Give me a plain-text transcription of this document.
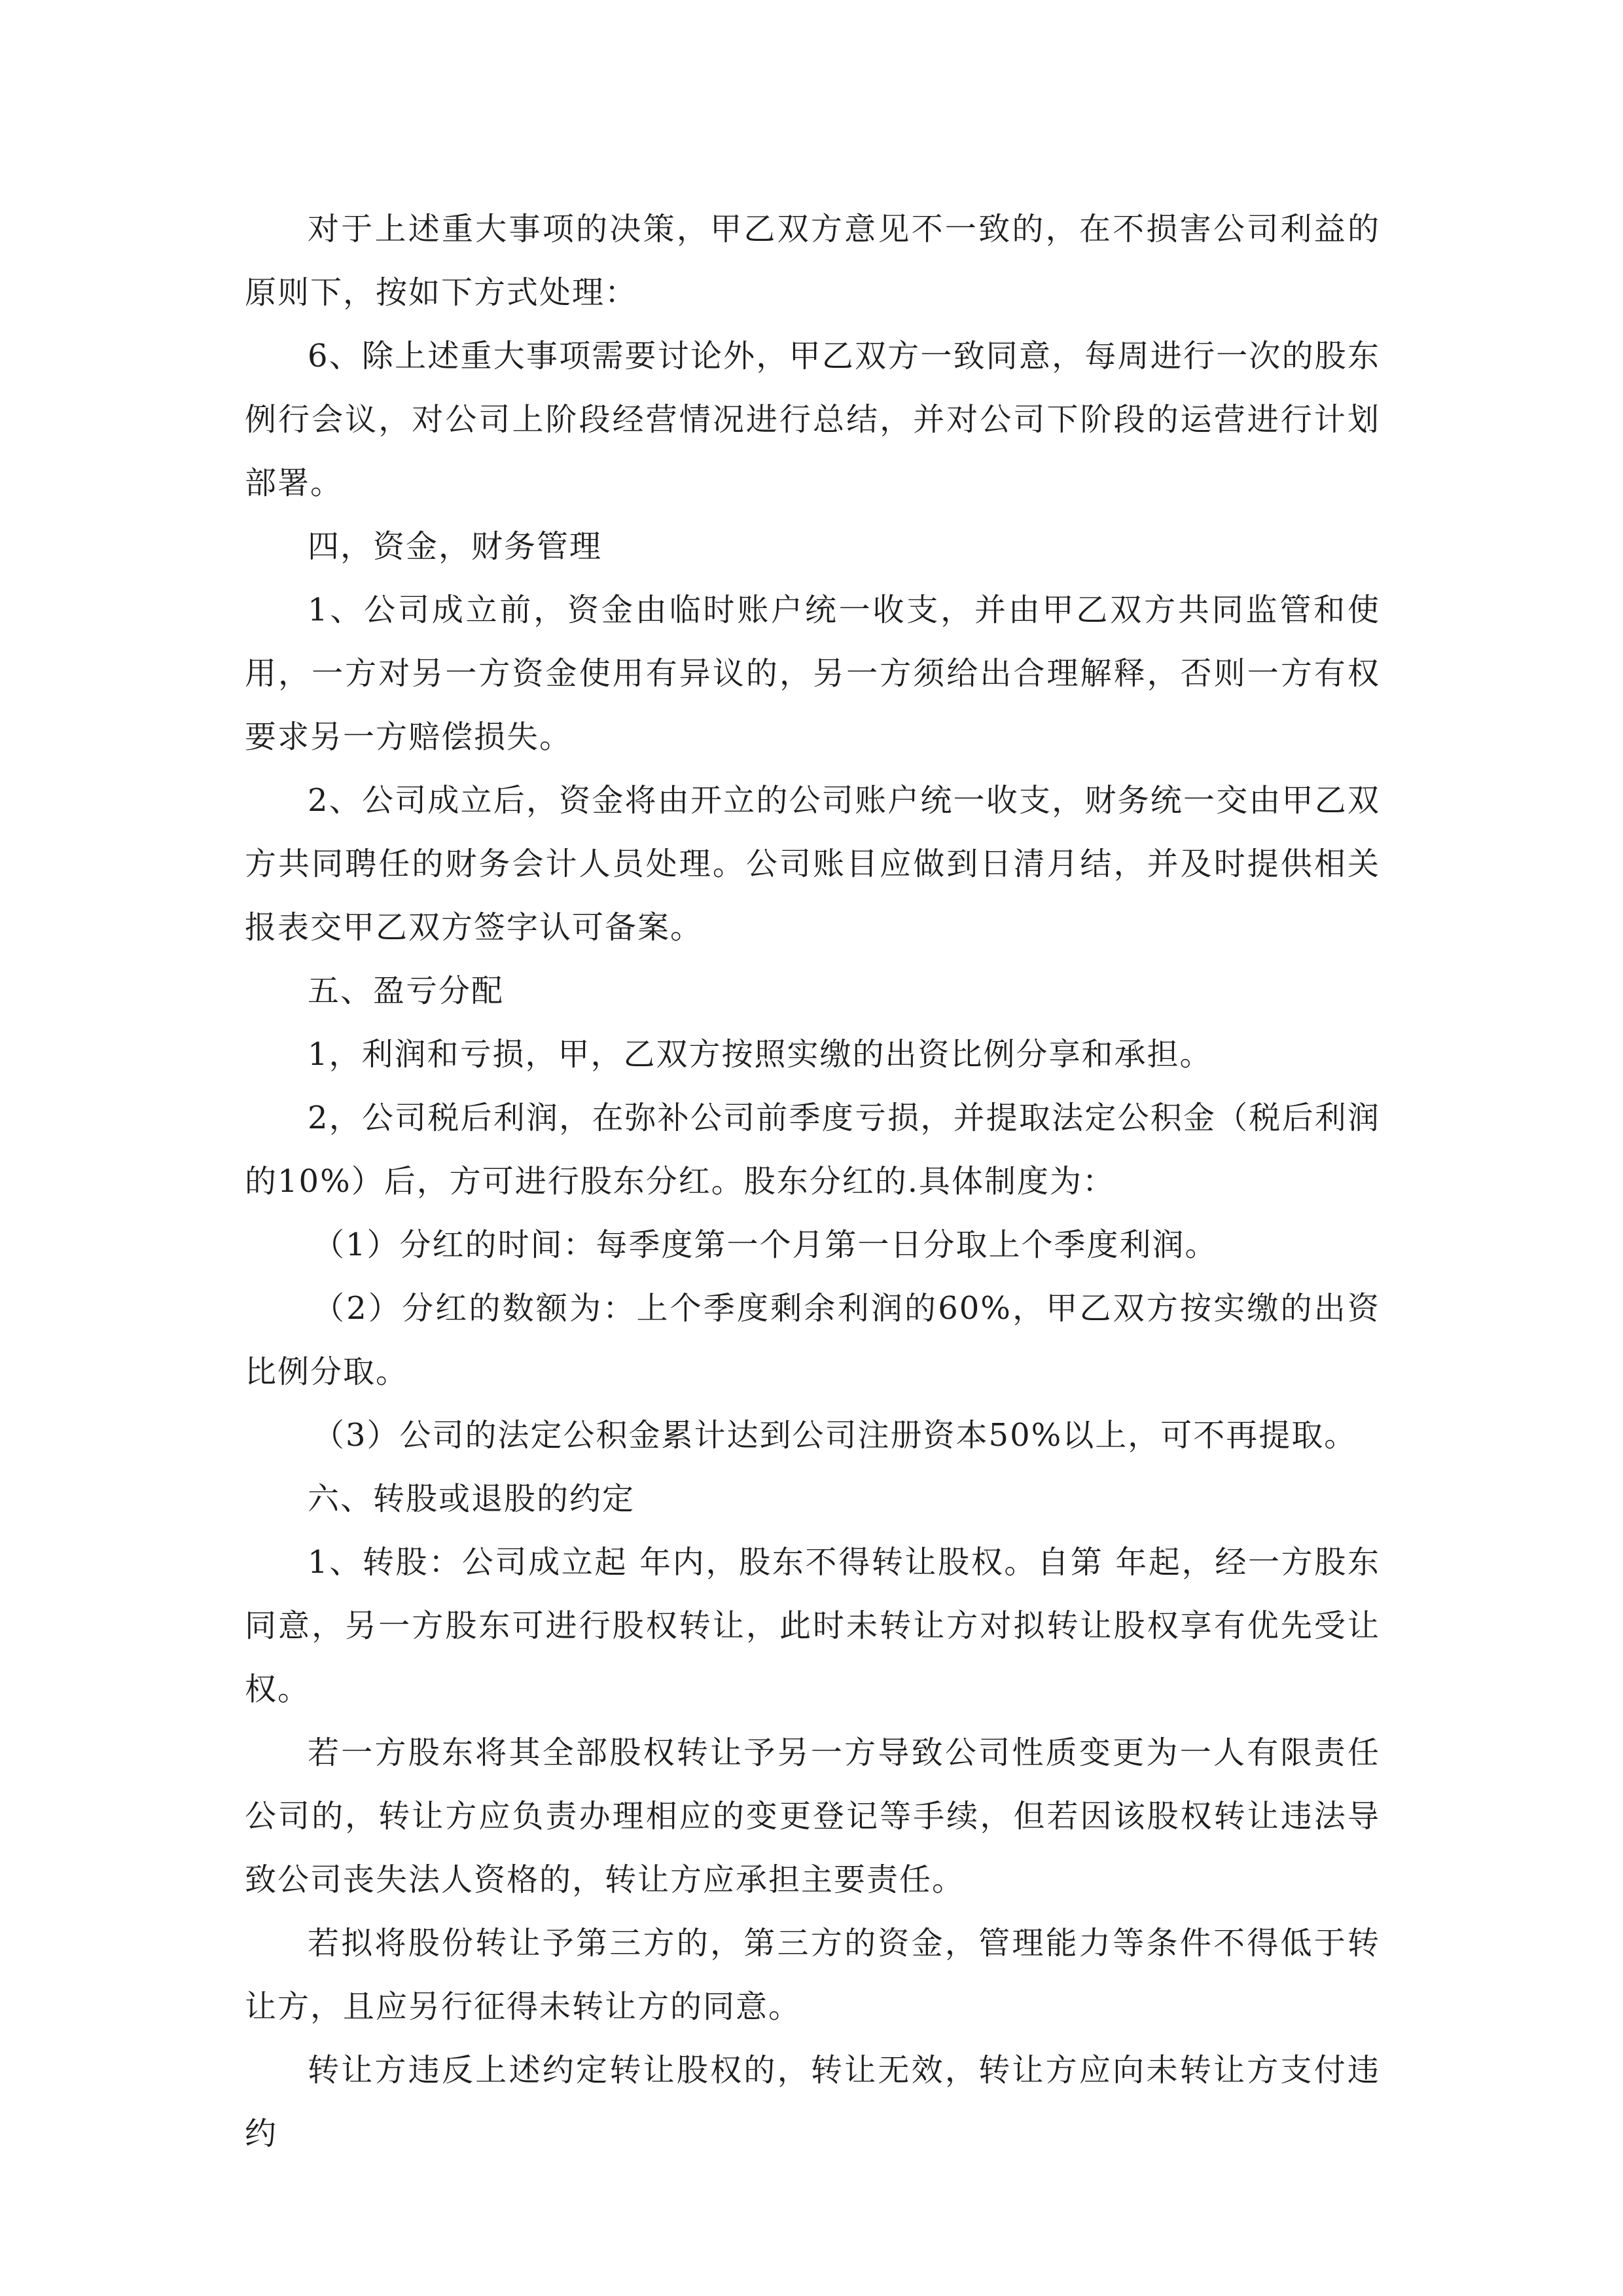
对于上述重大事项的决策，甲乙双方意见不一致的，在不损害公司利益的原则下，按如下方式处理：

6、除上述重大事项需要讨论外，甲乙双方一致同意，每周进行一次的股东例行会议，对公司上阶段经营情况进行总结，并对公司下阶段的运营进行计划部署。

四，资金，财务管理

1、公司成立前，资金由临时账户统一收支，并由甲乙双方共同监管和使用，一方对另一方资金使用有异议的，另一方须给出合理解释，否则一方有权要求另一方赔偿损失。

2、公司成立后，资金将由开立的公司账户统一收支，财务统一交由甲乙双方共同聘任的财务会计人员处理。公司账目应做到日清月结，并及时提供相关报表交甲乙双方签字认可备案。

五、盈亏分配

1，利润和亏损，甲，乙双方按照实缴的出资比例分享和承担。

2，公司税后利润，在弥补公司前季度亏损，并提取法定公积金（税后利润的10%）后，方可进行股东分红。股东分红的.具体制度为：

（1）分红的时间：每季度第一个月第一日分取上个季度利润。

（2）分红的数额为：上个季度剩余利润的60%，甲乙双方按实缴的出资比例分取。

（3）公司的法定公积金累计达到公司注册资本50%以上，可不再提取。

六、转股或退股的约定

1、转股：公司成立起 年内，股东不得转让股权。自第 年起，经一方股东同意，另一方股东可进行股权转让，此时未转让方对拟转让股权享有优先受让权。

若一方股东将其全部股权转让予另一方导致公司性质变更为一人有限责任公司的，转让方应负责办理相应的变更登记等手续，但若因该股权转让违法导致公司丧失法人资格的，转让方应承担主要责任。

若拟将股份转让予第三方的，第三方的资金，管理能力等条件不得低于转让方，且应另行征得未转让方的同意。

转让方违反上述约定转让股权的，转让无效，转让方应向未转让方支付违约
